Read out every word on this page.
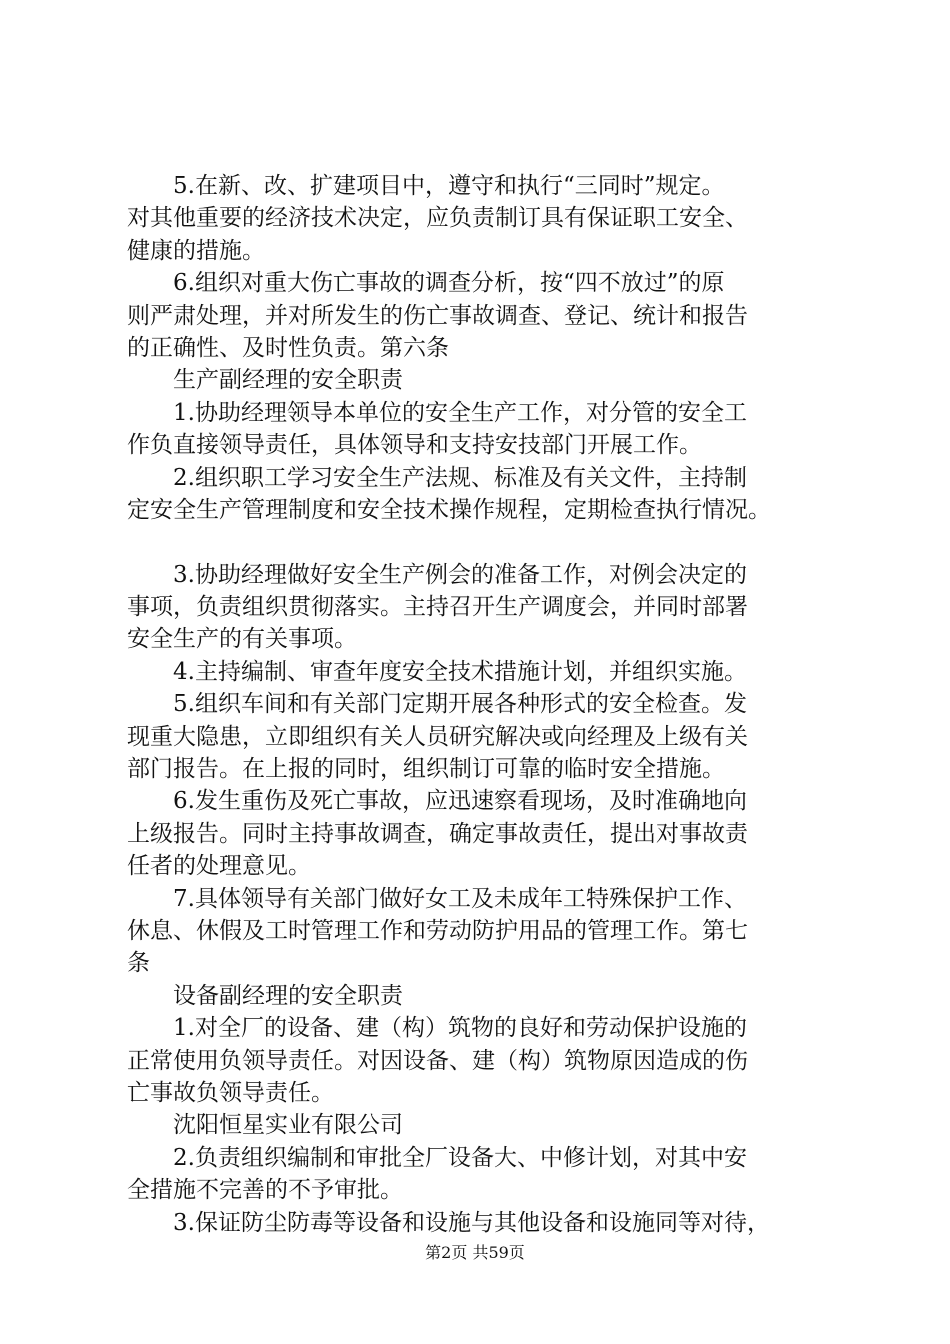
5.在新、改、扩建项目中，遵守和执行“三同时”规定。
对其他重要的经济技术决定，应负责制订具有保证职工安全、
健康的措施。
6.组织对重大伤亡事故的调查分析，按“四不放过”的原
则严肃处理，并对所发生的伤亡事故调查、登记、统计和报告
的正确性、及时性负责。第六条
生产副经理的安全职责
1.协助经理领导本单位的安全生产工作，对分管的安全工
作负直接领导责任，具体领导和支持安技部门开展工作。
2.组织职工学习安全生产法规、标准及有关文件，主持制
定安全生产管理制度和安全技术操作规程，定期检查执行情况。
3.协助经理做好安全生产例会的准备工作，对例会决定的
事项，负责组织贯彻落实。主持召开生产调度会，并同时部署
安全生产的有关事项。
4.主持编制、审查年度安全技术措施计划，并组织实施。
5.组织车间和有关部门定期开展各种形式的安全检查。发
现重大隐患，立即组织有关人员研究解决或向经理及上级有关
部门报告。在上报的同时，组织制订可靠的临时安全措施。
6.发生重伤及死亡事故，应迅速察看现场，及时准确地向
上级报告。同时主持事故调查，确定事故责任，提出对事故责
任者的处理意见。
7.具体领导有关部门做好女工及未成年工特殊保护工作、
休息、休假及工时管理工作和劳动防护用品的管理工作。第七
条
设备副经理的安全职责
1.对全厂的设备、建（构）筑物的良好和劳动保护设施的
正常使用负领导责任。对因设备、建（构）筑物原因造成的伤
亡事故负领导责任。
沈阳恒星实业有限公司
2.负责组织编制和审批全厂设备大、中修计划，对其中安
全措施不完善的不予审批。
3.保证防尘防毒等设备和设施与其他设备和设施同等对待，
第2页 共59页
